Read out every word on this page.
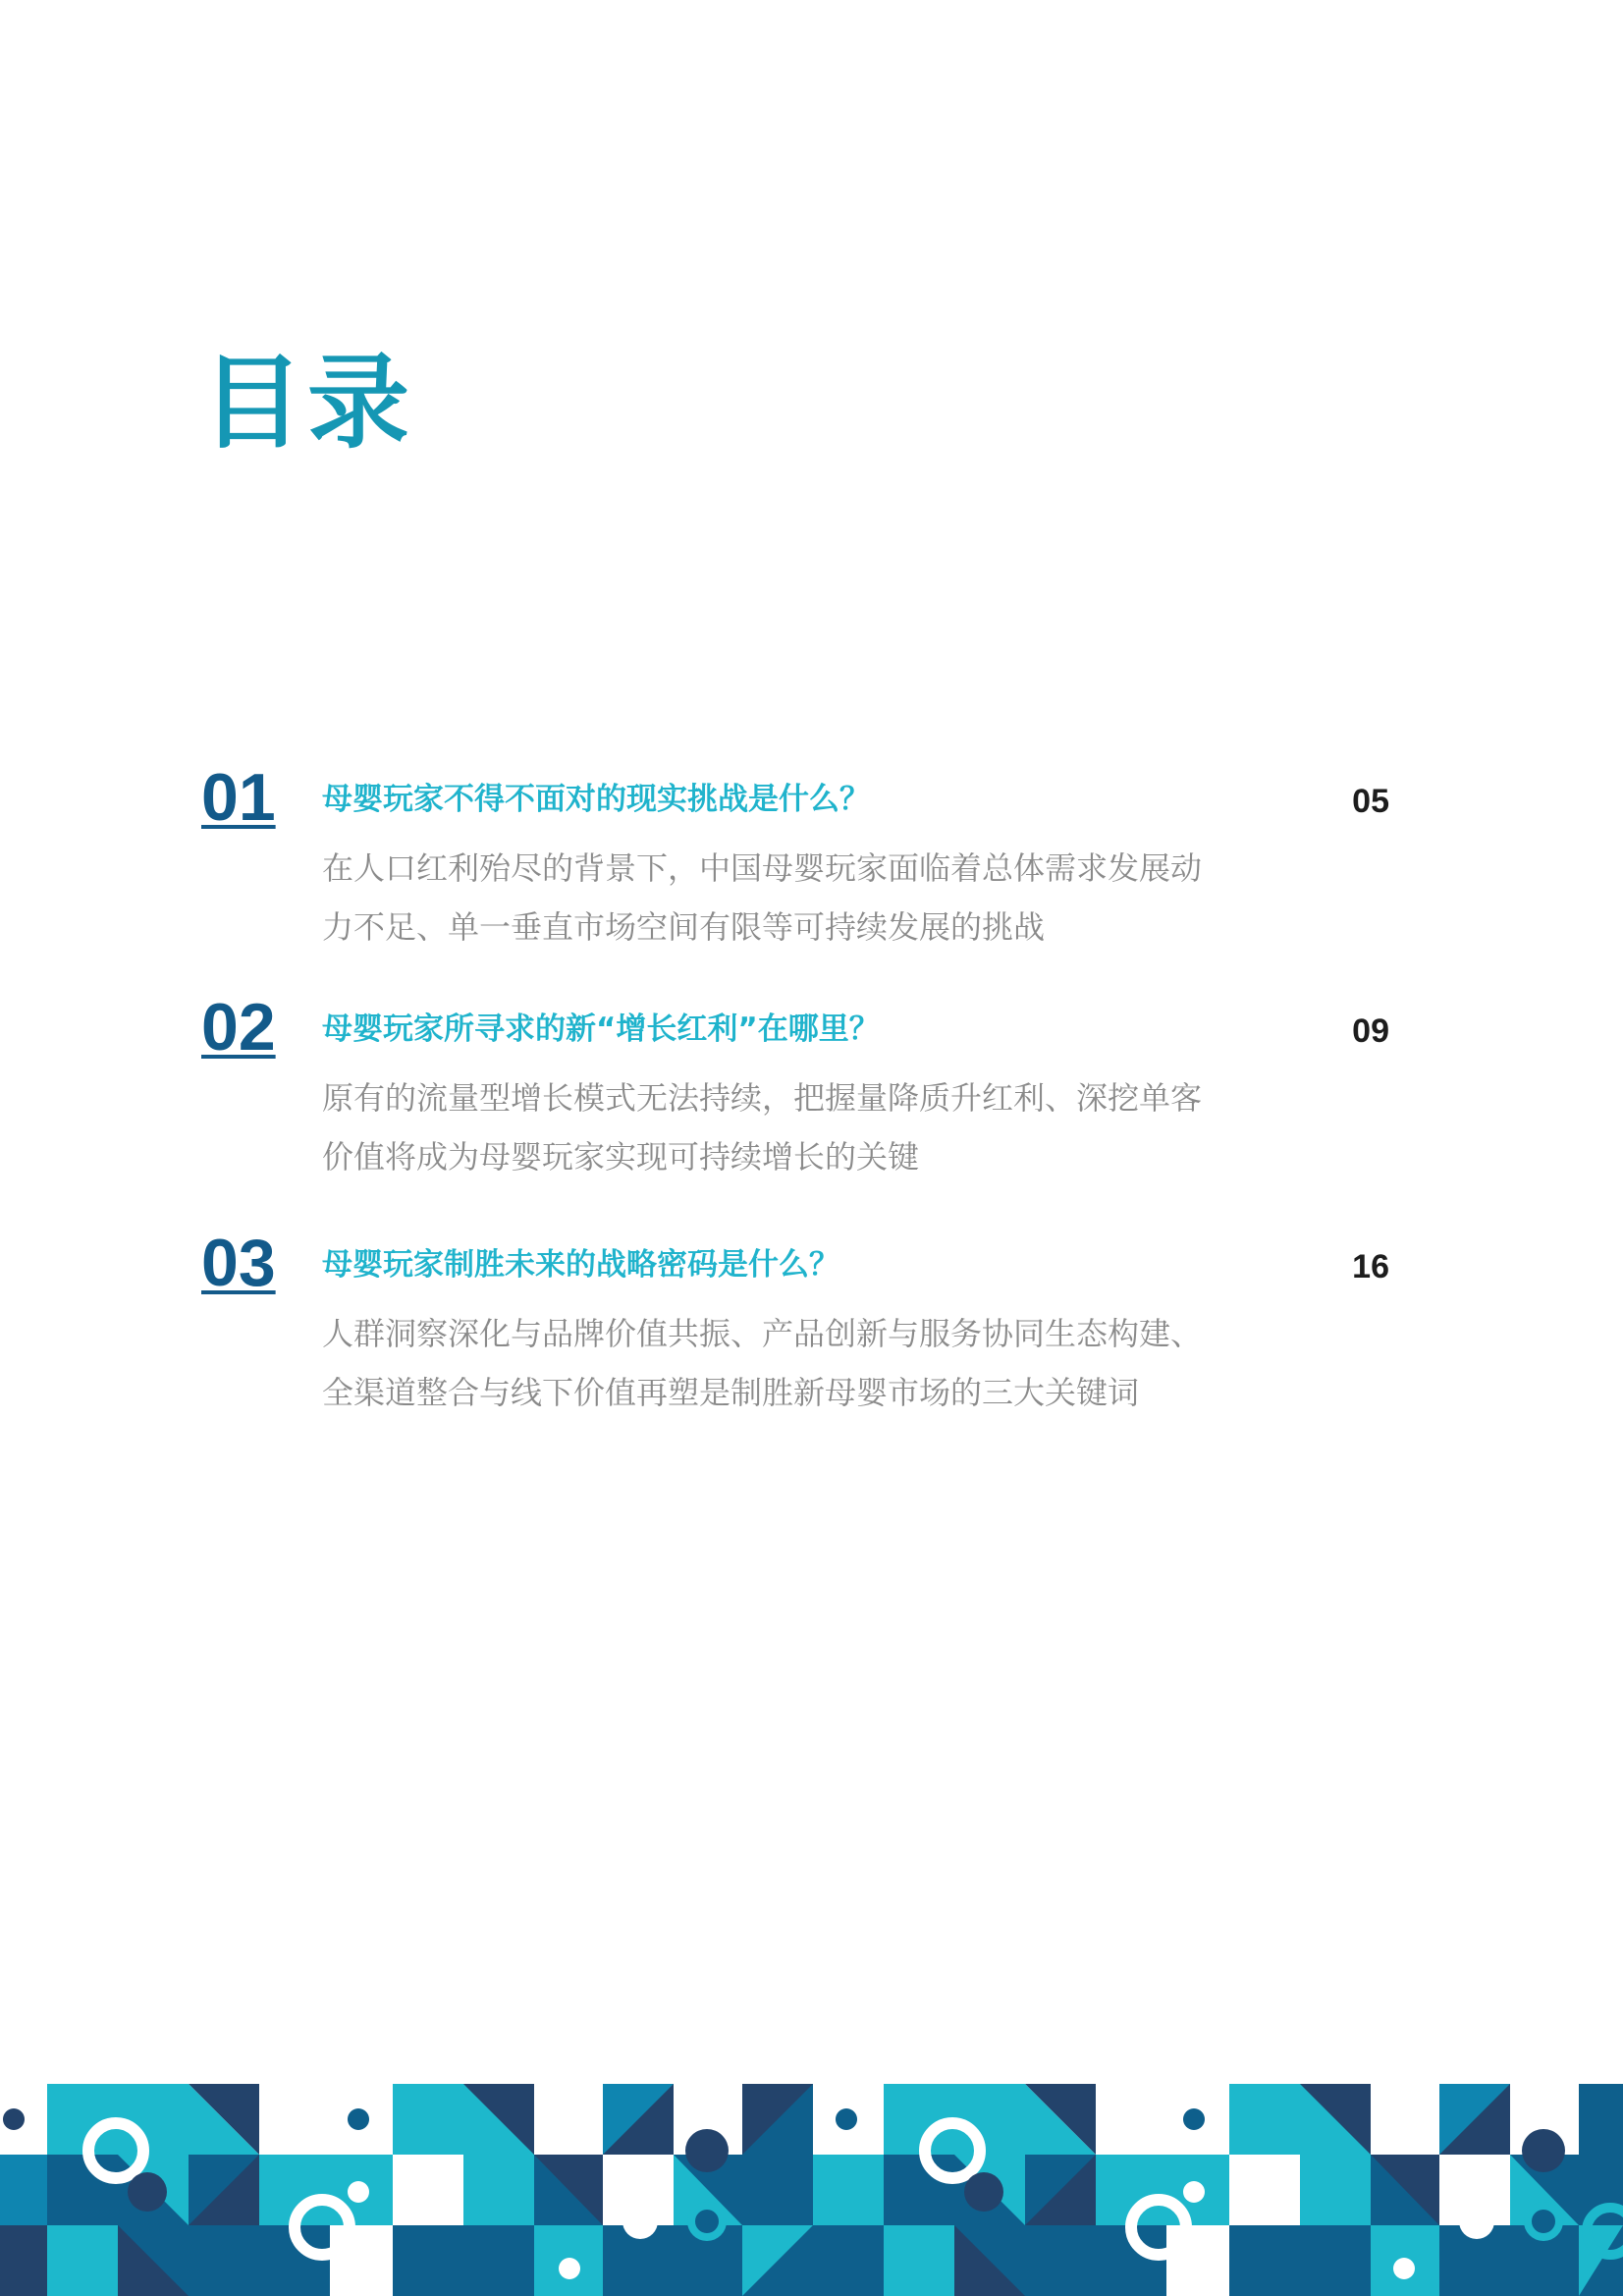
目录
01 母婴玩家不得不面对的现实挑战是什么？	05
在人口红利殆尽的背景下，中国母婴玩家面临着总体需求发展动力不足、单一垂直市场空间有限等可持续发展的挑战
02 母婴玩家所寻求的新“增长红利”在哪里？	09
原有的流量型增长模式无法持续，把握量降质升红利、深挖单客价值将成为母婴玩家实现可持续增长的关键
03 母婴玩家制胜未来的战略密码是什么？	16
人群洞察深化与品牌价值共振、产品创新与服务协同生态构建、全渠道整合与线下价值再塑是制胜新母婴市场的三大关键词
